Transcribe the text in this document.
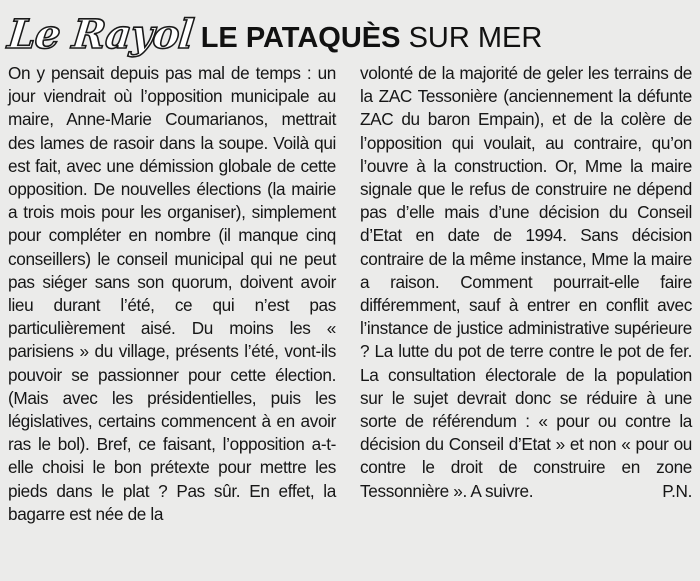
Le Rayol LE PATAQUÈS SUR MER

On y pensait depuis pas mal de temps : un jour viendrait où l’opposition municipale au maire, Anne-Marie Coumarianos, mettrait des lames de rasoir dans la soupe. Voilà qui est fait, avec une démission globale de cette opposition. De nouvelles élections (la mairie a trois mois pour les organiser), simplement pour compléter en nombre (il manque cinq conseillers) le conseil municipal qui ne peut pas siéger sans son quorum, doivent avoir lieu durant l’été, ce qui n’est pas particulièrement aisé. Du moins les « parisiens » du village, présents l’été, vont-ils pouvoir se passionner pour cette élection. (Mais avec les présidentielles, puis les législatives, certains commencent à en avoir ras le bol). Bref, ce faisant, l’opposition a-t-elle choisi le bon prétexte pour mettre les pieds dans le plat ? Pas sûr. En effet, la bagarre est née de la

volonté de la majorité de geler les terrains de la ZAC Tessonière (anciennement la défunte ZAC du baron Empain), et de la colère de l’opposition qui voulait, au contraire, qu’on l’ouvre à la construction. Or, Mme la maire signale que le refus de construire ne dépend pas d’elle mais d’une décision du Conseil d’Etat en date de 1994. Sans décision contraire de la même instance, Mme la maire a raison. Comment pourrait-elle faire différemment, sauf à entrer en conflit avec l’instance de justice administrative supérieure ? La lutte du pot de terre contre le pot de fer. La consultation électorale de la population sur le sujet devrait donc se réduire à une sorte de référendum : « pour ou contre la décision du Conseil d’Etat » et non « pour ou contre le droit de construire en zone Tessonnière ». A suivre.	P.N.
